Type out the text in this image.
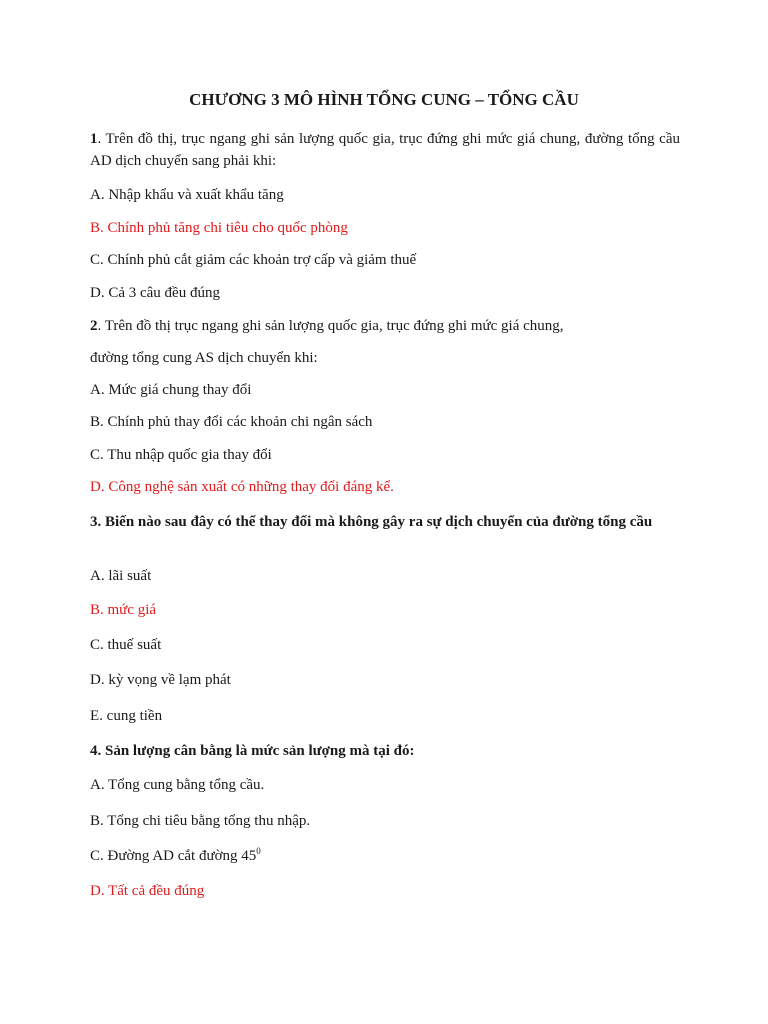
CHƯƠNG 3 MÔ HÌNH TỔNG CUNG – TỔNG CẦU
1. Trên đồ thị, trục ngang ghi sản lượng quốc gia, trục đứng ghi mức giá chung, đường tổng cầu AD dịch chuyển sang phải khi:
A. Nhập khẩu và xuất khẩu tăng
B. Chính phủ tăng chi tiêu cho quốc phòng
C. Chính phủ cắt giảm các khoản trợ cấp và giảm thuế
D. Cả 3 câu đều đúng
2. Trên đồ thị trục ngang ghi sản lượng quốc gia, trục đứng ghi mức giá chung,
đường tổng cung AS dịch chuyển khi:
A. Mức giá chung thay đổi
B. Chính phủ thay đổi các khoản chi ngân sách
C. Thu nhập quốc gia thay đổi
D. Công nghệ sản xuất có những thay đổi đáng kể.
3. Biến nào sau đây có thể thay đổi mà không gây ra sự dịch chuyển của đường tổng cầu
A. lãi suất
B. mức giá
C. thuế suất
D. kỳ vọng về lạm phát
E. cung tiền
4. Sản lượng cân bằng là mức sản lượng mà tại đó:
A. Tổng cung bằng tổng cầu.
B. Tổng chi tiêu bằng tổng thu nhập.
C. Đường AD cắt đường $45^0$
D. Tất cả đều đúng
